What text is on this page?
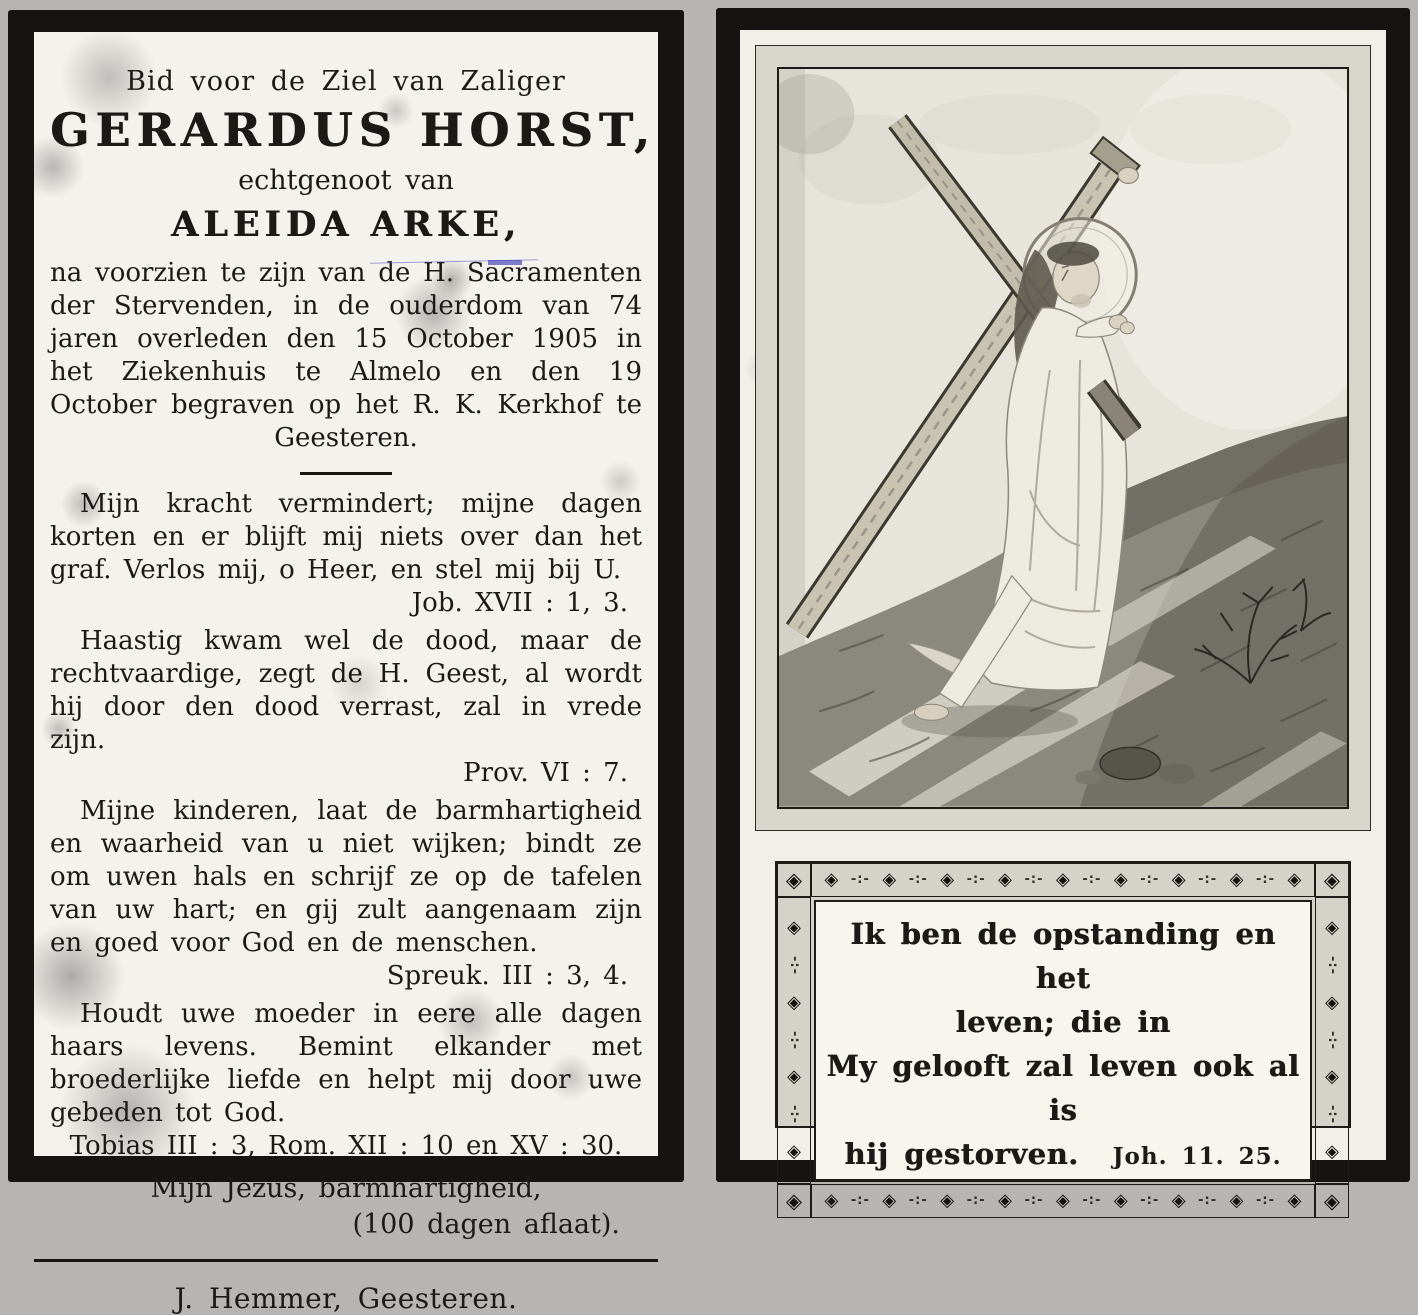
Bid voor de Ziel van Zaliger
GERARDUS HORST,
echtgenoot van
ALEIDA ARKE,
na voorzien te zijn van de H. Sacramenten der Stervenden, in de ouderdom van 74 jaren overleden den 15 October 1905 in het Ziekenhuis te Almelo en den 19 October begraven op het R. K. Kerkhof te Geesteren.

Mijn kracht vermindert; mijne dagen korten en er blijft mij niets over dan het graf. Verlos mij, o Heer, en stel mij bij U.

Job. XVII : 1, 3.

Haastig kwam wel de dood, maar de rechtvaardige, zegt de H. Geest, al wordt hij door den dood verrast, zal in vrede zijn.

Prov. VI : 7.

Mijne kinderen, laat de barmhartigheid en waarheid van u niet wijken; bindt ze om uwen hals en schrijf ze op de tafelen van uw hart; en gij zult aangenaam zijn en goed voor God en de menschen.

Spreuk. III : 3, 4.

Houdt uwe moeder in eere alle dagen haars levens. Bemint elkander met broederlijke liefde en helpt mij door uwe gebeden tot God.

Tobias III : 3, Rom. XII : 10 en XV : 30.
Mijn Jezus, barmhartigheid,
(100 dagen aflaat).
J. Hemmer, Geesteren.
◈	◈ -:- ◈ -:- ◈ -:- ◈ -:- ◈ -:- ◈ -:- ◈ -:- ◈ -:- ◈	◈
◈
-:-
◈
-:-
◈
-:-
◈
Ik ben de opstanding en het
leven; die in
My gelooft zal leven ook al is
hij gestorven. Joh. 11. 25.
◈
-:-
◈
-:-
◈
-:-
◈
◈	◈ -:- ◈ -:- ◈ -:- ◈ -:- ◈ -:- ◈ -:- ◈ -:- ◈ -:- ◈	◈
